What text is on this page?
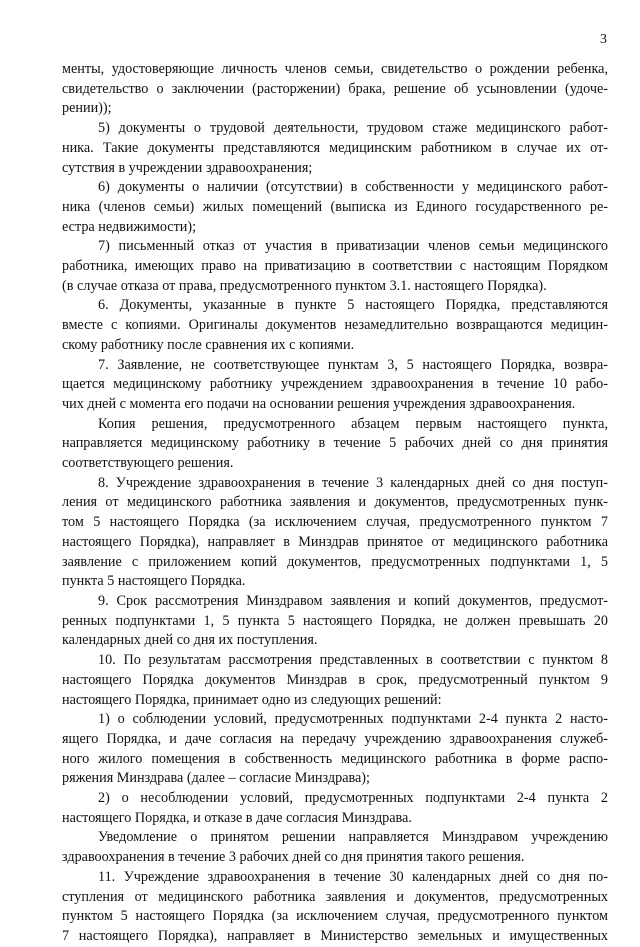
3
менты, удостоверяющие личность членов семьи, свидетельство о рождении ребенка,
свидетельство о заключении (расторжении) брака, решение об усыновлении (удоче-
рении));
5) документы о трудовой деятельности, трудовом стаже медицинского работ-
ника. Такие документы представляются медицинским работником в случае их от-
сутствия в учреждении здравоохранения;
6) документы о наличии (отсутствии) в собственности у медицинского работ-
ника (членов семьи) жилых помещений (выписка из Единого государственного ре-
естра недвижимости);
7) письменный отказ от участия в приватизации членов семьи медицинского
работника, имеющих право на приватизацию в соответствии с настоящим Порядком
(в случае отказа от права, предусмотренного пунктом 3.1. настоящего Порядка).
6. Документы, указанные в пункте 5 настоящего Порядка, представляются
вместе с копиями. Оригиналы документов незамедлительно возвращаются медицин-
скому работнику после сравнения их с копиями.
7. Заявление, не соответствующее пунктам 3, 5 настоящего Порядка, возвра-
щается медицинскому работнику учреждением здравоохранения в течение 10 рабо-
чих дней с момента его подачи на основании решения учреждения здравоохранения.
Копия решения, предусмотренного абзацем первым настоящего пункта,
направляется медицинскому работнику в течение 5 рабочих дней со дня принятия
соответствующего решения.
8. Учреждение здравоохранения в течение 3 календарных дней со дня поступ-
ления от медицинского работника заявления и документов, предусмотренных пунк-
том 5 настоящего Порядка (за исключением случая, предусмотренного пунктом 7
настоящего Порядка), направляет в Минздрав принятое от медицинского работника
заявление с приложением копий документов, предусмотренных подпунктами 1, 5
пункта 5 настоящего Порядка.
9. Срок рассмотрения Минздравом заявления и копий документов, предусмот-
ренных подпунктами 1, 5 пункта 5 настоящего Порядка, не должен превышать 20
календарных дней со дня их поступления.
10. По результатам рассмотрения представленных в соответствии с пунктом 8
настоящего Порядка документов Минздрав в срок, предусмотренный пунктом 9
настоящего Порядка, принимает одно из следующих решений:
1) о соблюдении условий, предусмотренных подпунктами 2-4 пункта 2 насто-
ящего Порядка, и даче согласия на передачу учреждению здравоохранения служеб-
ного жилого помещения в собственность медицинского работника в форме распо-
ряжения Минздрава (далее – согласие Минздрава);
2) о несоблюдении условий, предусмотренных подпунктами 2-4 пункта 2
настоящего Порядка, и отказе в даче согласия Минздрава.
Уведомление о принятом решении направляется Минздравом учреждению
здравоохранения в течение 3 рабочих дней со дня принятия такого решения.
11. Учреждение здравоохранения в течение 30 календарных дней со дня по-
ступления от медицинского работника заявления и документов, предусмотренных
пунктом 5 настоящего Порядка (за исключением случая, предусмотренного пунктом
7 настоящего Порядка), направляет в Министерство земельных и имущественных
